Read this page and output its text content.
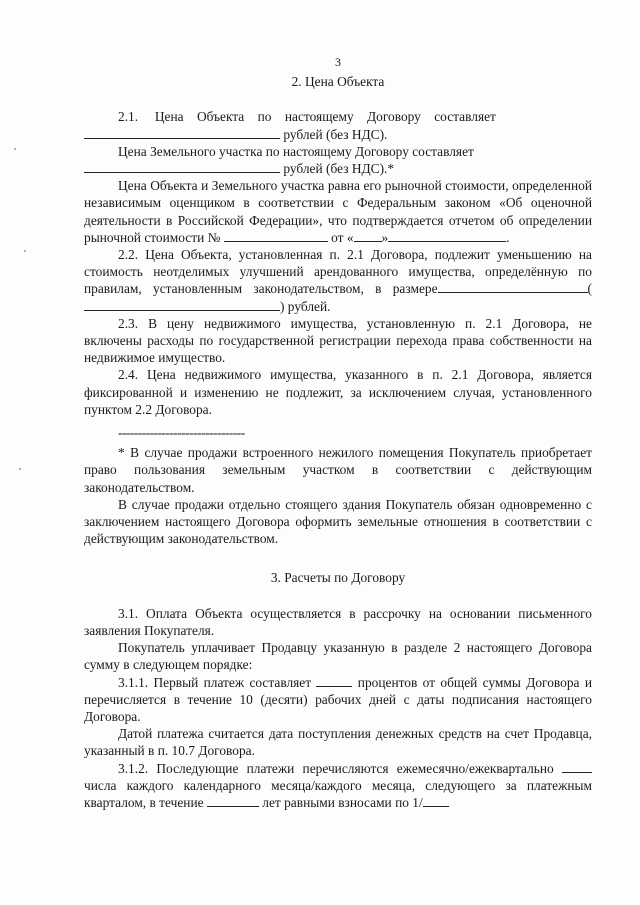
3
2. Цена Объекта

2.1.     Цена    Объекта    по    настоящему    Договору    составляет

рублей (без НДС).

Цена Земельного участка по настоящему Договору составляет

рублей (без НДС).*

Цена Объекта и Земельного участка равна его рыночной стоимости, определенной независимым оценщиком в соответствии с Федеральным законом «Об оценочной деятельности в Российской Федерации», что подтверждается отчетом об определении рыночной стоимости №	от « »	.

2.2. Цена Объекта, установленная п. 2.1 Договора, подлежит уменьшению на стоимость неотделимых улучшений арендованного имущества, определённую по правилам, установленным законодательством, в размере	() рублей.

2.3. В цену недвижимого имущества, установленную п. 2.1 Договора, не включены расходы по государственной регистрации перехода права собственности на недвижимое имущество.

2.4. Цена недвижимого имущества, указанного в п. 2.1 Договора, является фиксированной и изменению не подлежит, за исключением случая, установленного пунктом 2.2 Договора.

--------------------------------

* В случае продажи встроенного нежилого помещения Покупатель приобретает право пользования земельным участком в соответствии с действующим законодательством.

В случае продажи отдельно стоящего здания Покупатель обязан одновременно с заключением настоящего Договора оформить земельные отношения в соответствии с действующим законодательством.

3. Расчеты по Договору

3.1. Оплата Объекта осуществляется в рассрочку на основании письменного заявления Покупателя.

Покупатель уплачивает Продавцу указанную в разделе 2 настоящего Договора сумму в следующем порядке:

3.1.1. Первый платеж составляет	процентов от общей суммы Договора и перечисляется в течение 10 (десяти) рабочих дней с даты подписания настоящего Договора.

Датой платежа считается дата поступления денежных средств на счет Продавца, указанный в п. 10.7 Договора.

3.1.2. Последующие платежи перечисляются ежемесячно/ежеквартально  числа каждого календарного месяца/каждого месяца, следующего за платежным кварталом, в течение	лет равными взносами по 1/
